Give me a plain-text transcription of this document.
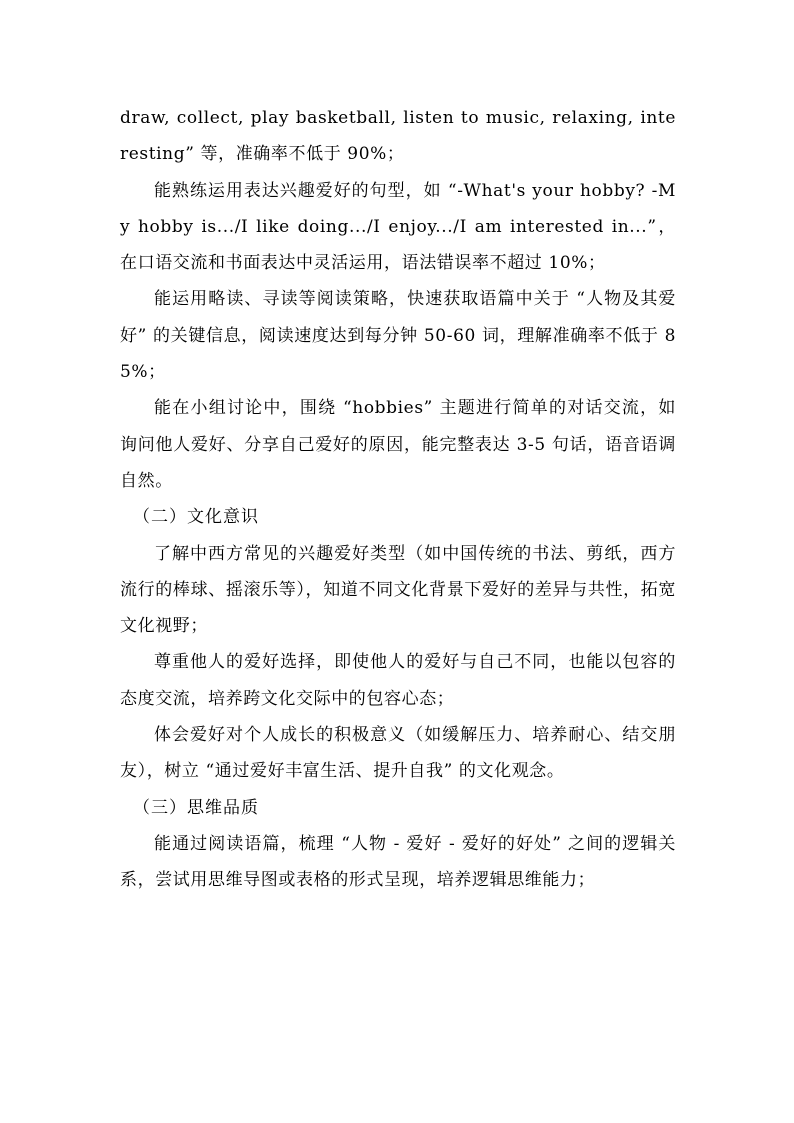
draw, collect, play basketball, listen to music, relaxing, interesting” 等，准确率不低于 90%；

能熟练运用表达兴趣爱好的句型，如 “-What's your hobby? -My hobby is.../I like doing.../I enjoy.../I am interested in...”，在口语交流和书面表达中灵活运用，语法错误率不超过 10%；

能运用略读、寻读等阅读策略，快速获取语篇中关于 “人物及其爱好” 的关键信息，阅读速度达到每分钟 50-60 词，理解准确率不低于 85%；

能在小组讨论中，围绕 “hobbies” 主题进行简单的对话交流，如询问他人爱好、分享自己爱好的原因，能完整表达 3-5 句话，语音语调自然。

（二）文化意识

了解中西方常见的兴趣爱好类型（如中国传统的书法、剪纸，西方流行的棒球、摇滚乐等），知道不同文化背景下爱好的差异与共性，拓宽文化视野；

尊重他人的爱好选择，即使他人的爱好与自己不同，也能以包容的态度交流，培养跨文化交际中的包容心态；

体会爱好对个人成长的积极意义（如缓解压力、培养耐心、结交朋友），树立 “通过爱好丰富生活、提升自我” 的文化观念。

（三）思维品质

能通过阅读语篇，梳理 “人物 - 爱好 - 爱好的好处” 之间的逻辑关系，尝试用思维导图或表格的形式呈现，培养逻辑思维能力；
